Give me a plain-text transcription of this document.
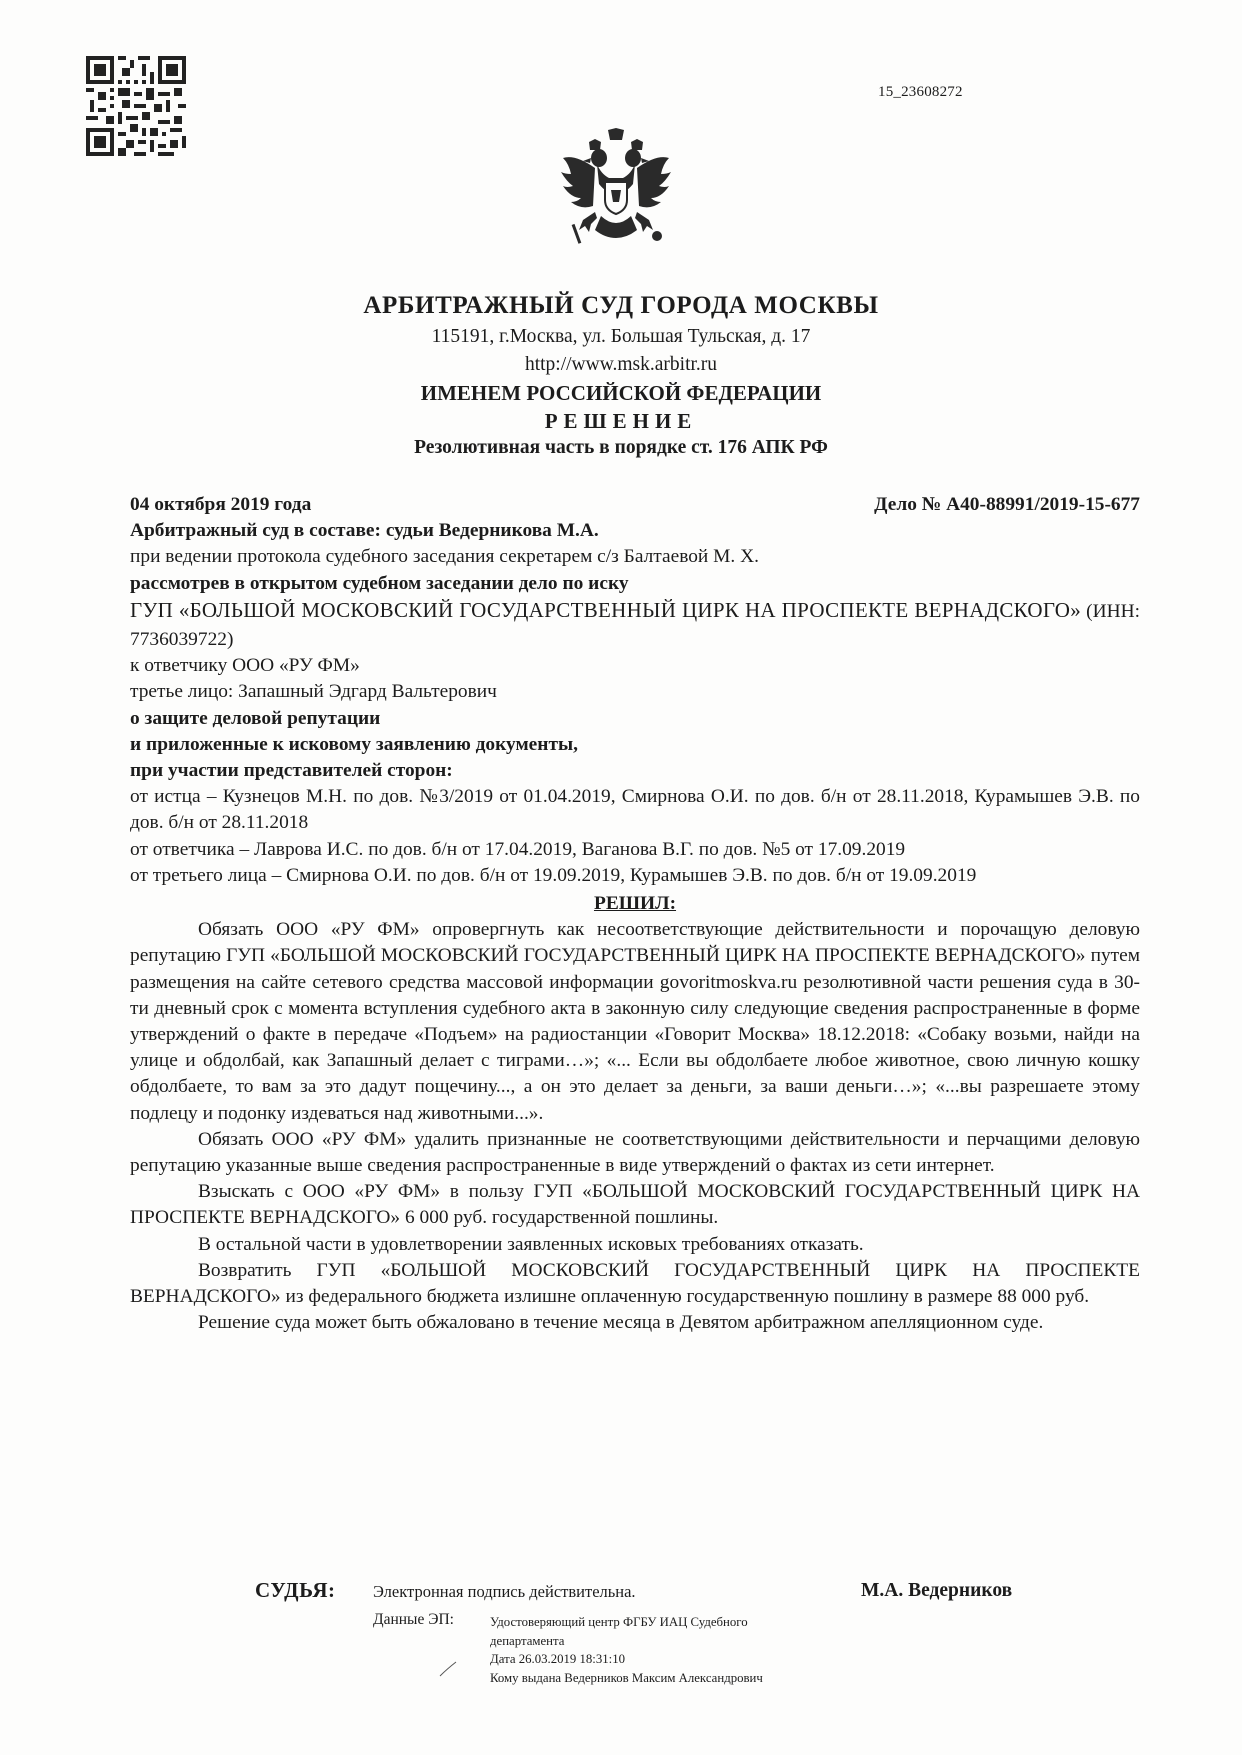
15_23608272
АРБИТРАЖНЫЙ СУД ГОРОДА МОСКВЫ
115191, г.Москва, ул. Большая Тульская, д. 17
http://www.msk.arbitr.ru
ИМЕНЕМ РОССИЙСКОЙ ФЕДЕРАЦИИ
РЕШЕНИЕ
Резолютивная часть в порядке ст. 176 АПК РФ
04 октября 2019 года	Дело № А40-88991/2019-15-677

Арбитражный суд в составе: судьи Ведерникова М.А.

при ведении протокола судебного заседания секретарем с/з Балтаевой М. Х.

рассмотрев в открытом судебном заседании дело по иску

ГУП «БОЛЬШОЙ МОСКОВСКИЙ ГОСУДАРСТВЕННЫЙ ЦИРК НА ПРОСПЕКТЕ ВЕРНАДСКОГО» (ИНН: 7736039722)

к ответчику ООО «РУ ФМ»

третье лицо: Запашный Эдгард Вальтерович

о защите деловой репутации

и приложенные к исковому заявлению документы,

при участии представителей сторон:

от истца – Кузнецов М.Н. по дов. №3/2019 от 01.04.2019, Смирнова О.И. по дов. б/н от 28.11.2018, Курамышев Э.В. по дов. б/н от 28.11.2018

от ответчика – Лаврова И.С. по дов. б/н от 17.04.2019, Ваганова В.Г. по дов. №5 от 17.09.2019

от третьего лица – Смирнова О.И. по дов. б/н от 19.09.2019, Курамышев Э.В. по дов. б/н от 19.09.2019

РЕШИЛ:

Обязать ООО «РУ ФМ» опровергнуть как несоответствующие действительности и порочащую деловую репутацию ГУП «БОЛЬШОЙ МОСКОВСКИЙ ГОСУДАРСТВЕННЫЙ ЦИРК НА ПРОСПЕКТЕ ВЕРНАДСКОГО» путем размещения на сайте сетевого средства массовой информации govoritmoskva.ru резолютивной части решения суда в 30-ти дневный срок с момента вступления судебного акта в законную силу следующие сведения распространенные в форме утверждений о факте в передаче «Подъем» на радиостанции «Говорит Москва» 18.12.2018: «Собаку возьми, найди на улице и обдолбай, как Запашный делает с тиграми…»; «... Если вы обдолбаете любое животное, свою личную кошку обдолбаете, то вам за это дадут пощечину..., а он это делает за деньги, за ваши деньги…»; «...вы разрешаете этому подлецу и подонку издеваться над животными...».

Обязать ООО «РУ ФМ» удалить признанные не соответствующими действительности и перчащими деловую репутацию указанные выше сведения распространенные в виде утверждений о фактах из сети интернет.

Взыскать с ООО «РУ ФМ» в пользу ГУП «БОЛЬШОЙ МОСКОВСКИЙ ГОСУДАРСТВЕННЫЙ ЦИРК НА ПРОСПЕКТЕ ВЕРНАДСКОГО» 6 000 руб. государственной пошлины.

В остальной части в удовлетворении заявленных исковых требованиях отказать.

Возвратить ГУП «БОЛЬШОЙ МОСКОВСКИЙ ГОСУДАРСТВЕННЫЙ ЦИРК НА ПРОСПЕКТЕ ВЕРНАДСКОГО» из федерального бюджета излишне оплаченную государственную пошлину в размере 88 000 руб.

Решение суда может быть обжаловано в течение месяца в Девятом арбитражном апелляционном суде.

СУДЬЯ: Электронная подпись действительна.	М.А. Ведерников
Данные ЭП:	Удостоверяющий центр ФГБУ ИАЦ Судебного
департамента
Дата 26.03.2019 18:31:10
Кому выдана Ведерников Максим Александрович
